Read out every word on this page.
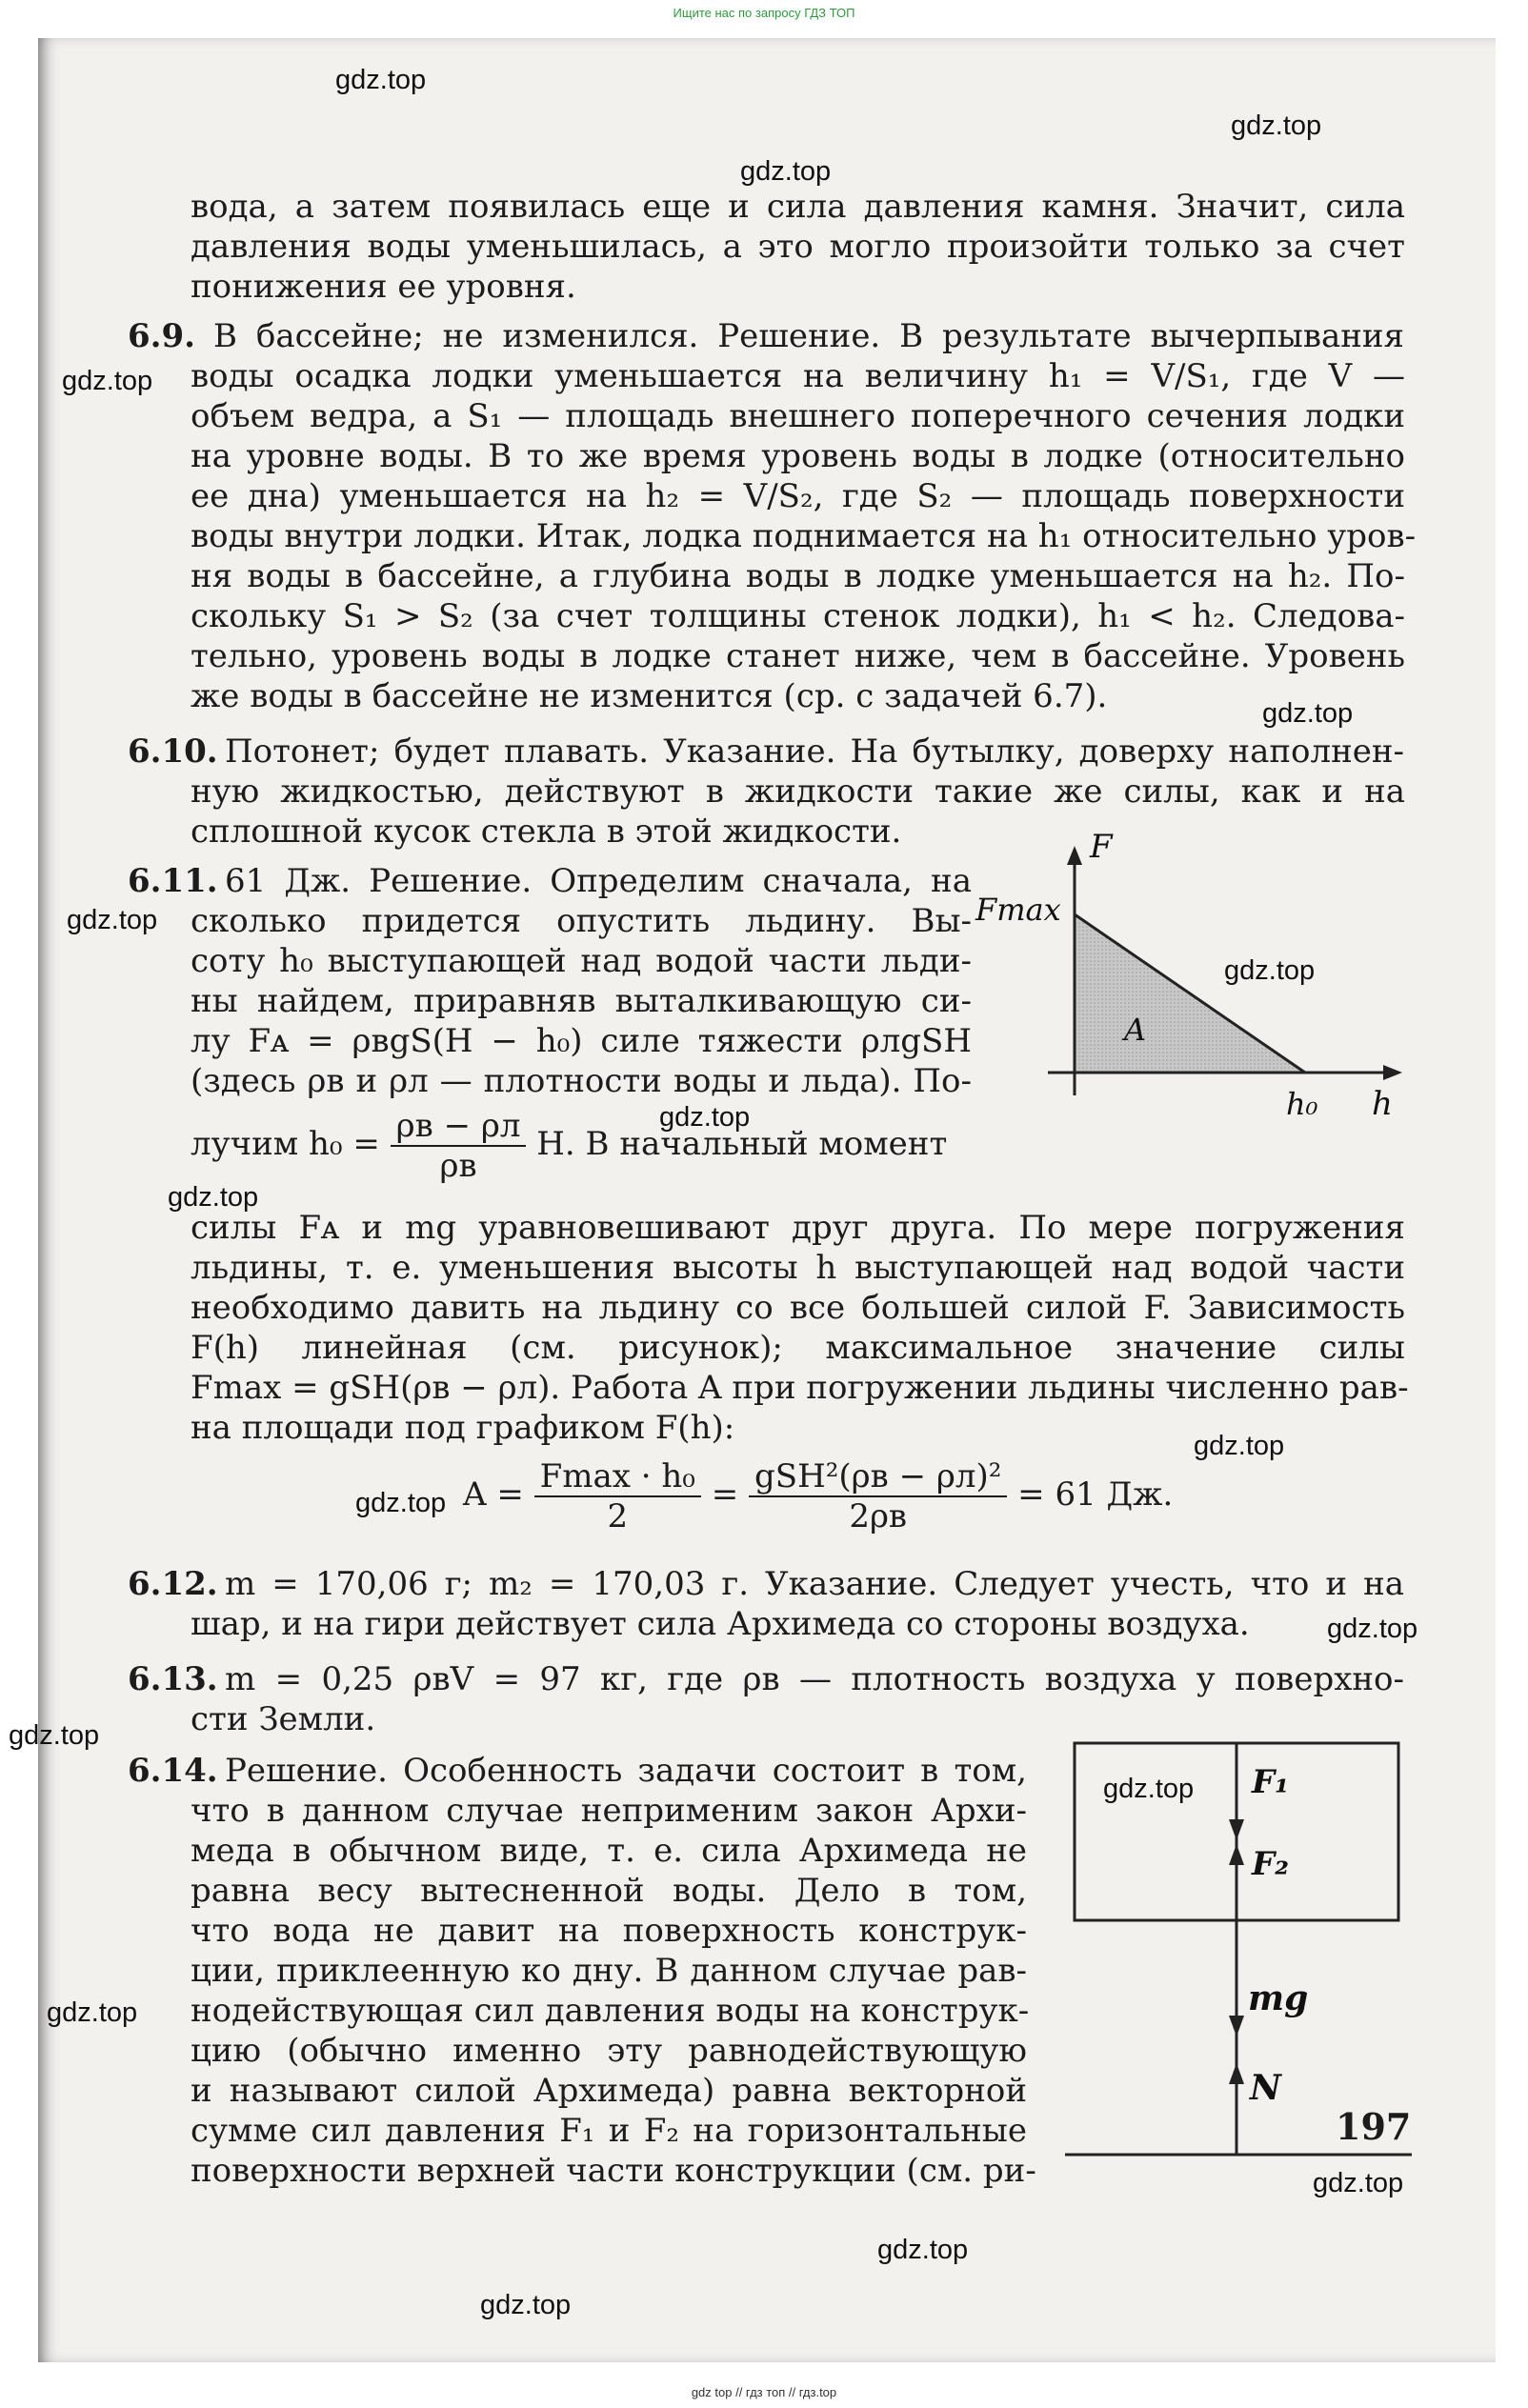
Ищите нас по запросу ГДЗ ТОП
gdz.top
gdz.top
gdz.top
gdz.top
gdz.top
gdz.top
gdz.top
gdz.top
gdz.top
gdz.top
gdz.top
gdz.top
gdz.top
gdz.top
gdz.top
gdz.top
gdz.top
gdz.top
вода, а затем появилась еще и сила давления камня. Значит, сила
давления воды уменьшилась, а это могло произойти только за счет
понижения ее уровня.
6.9. В бассейне; не изменился. Решение. В результате вычерпывания
воды осадка лодки уменьшается на величину h₁ = V/S₁, где V —
объем ведра, а S₁ — площадь внешнего поперечного сечения лодки
на уровне воды. В то же время уровень воды в лодке (относительно
ее дна) уменьшается на h₂ = V/S₂, где S₂ — площадь поверхности
воды внутри лодки. Итак, лодка поднимается на h₁ относительно уров-
ня воды в бассейне, а глубина воды в лодке уменьшается на h₂. По-
скольку S₁ > S₂ (за счет толщины стенок лодки), h₁ < h₂. Следова-
тельно, уровень воды в лодке станет ниже, чем в бассейне. Уровень
же воды в бассейне не изменится (ср. с задачей 6.7).
6.10. Потонет; будет плавать. Указание. На бутылку, доверху наполнен-
ную жидкостью, действуют в жидкости такие же силы, как и на
сплошной кусок стекла в этой жидкости.
6.11. 61 Дж. Решение. Определим сначала, на
сколько придется опустить льдину. Вы-
соту h₀ выступающей над водой части льди-
ны найдем, приравняв выталкивающую си-
лу Fᴀ = ρвgS(H − h₀) силе тяжести ρлgSH
(здесь ρв и ρл — плотности воды и льда). По-
лучим $h_0 = \frac{\rho в - \rho л}{\rho в} H$. В начальный момент
F
Fmax
A
h₀ h
силы Fᴀ и mg уравновешивают друг друга. По мере погружения
льдины, т. е. уменьшения высоты h выступающей над водой части
необходимо давить на льдину со все большей силой F. Зависимость
F(h) линейная (см. рисунок); максимальное значение силы
Fmax = gSH(ρв − ρл). Работа A при погружении льдины численно рав-
на площади под графиком F(h):
$A = \frac{\text{Fmax · h₀}}{2} = \frac{\text{gSH²(ρв − ρл)²}}{2\rho в} = 61$ Дж.
6.12. m = 170,06 г; m₂ = 170,03 г. Указание. Следует учесть, что и на
шар, и на гири действует сила Архимеда со стороны воздуха.
6.13. m = 0,25 ρвV = 97 кг, где ρв — плотность воздуха у поверхно-
сти Земли.
6.14. Решение. Особенность задачи состоит в том,
что в данном случае неприменим закон Архи-
меда в обычном виде, т. е. сила Архимеда не
равна весу вытесненной воды. Дело в том,
что вода не давит на поверхность конструк-
ции, приклеенную ко дну. В данном случае рав-
нодействующая сил давления воды на конструк-
цию (обычно именно эту равнодействующую
и называют силой Архимеда) равна векторной
сумме сил давления F₁ и F₂ на горизонтальные
поверхности верхней части конструкции (см. ри-
F₁
F₂
mg
N
197
gdz top // гдз топ // гдз.top
